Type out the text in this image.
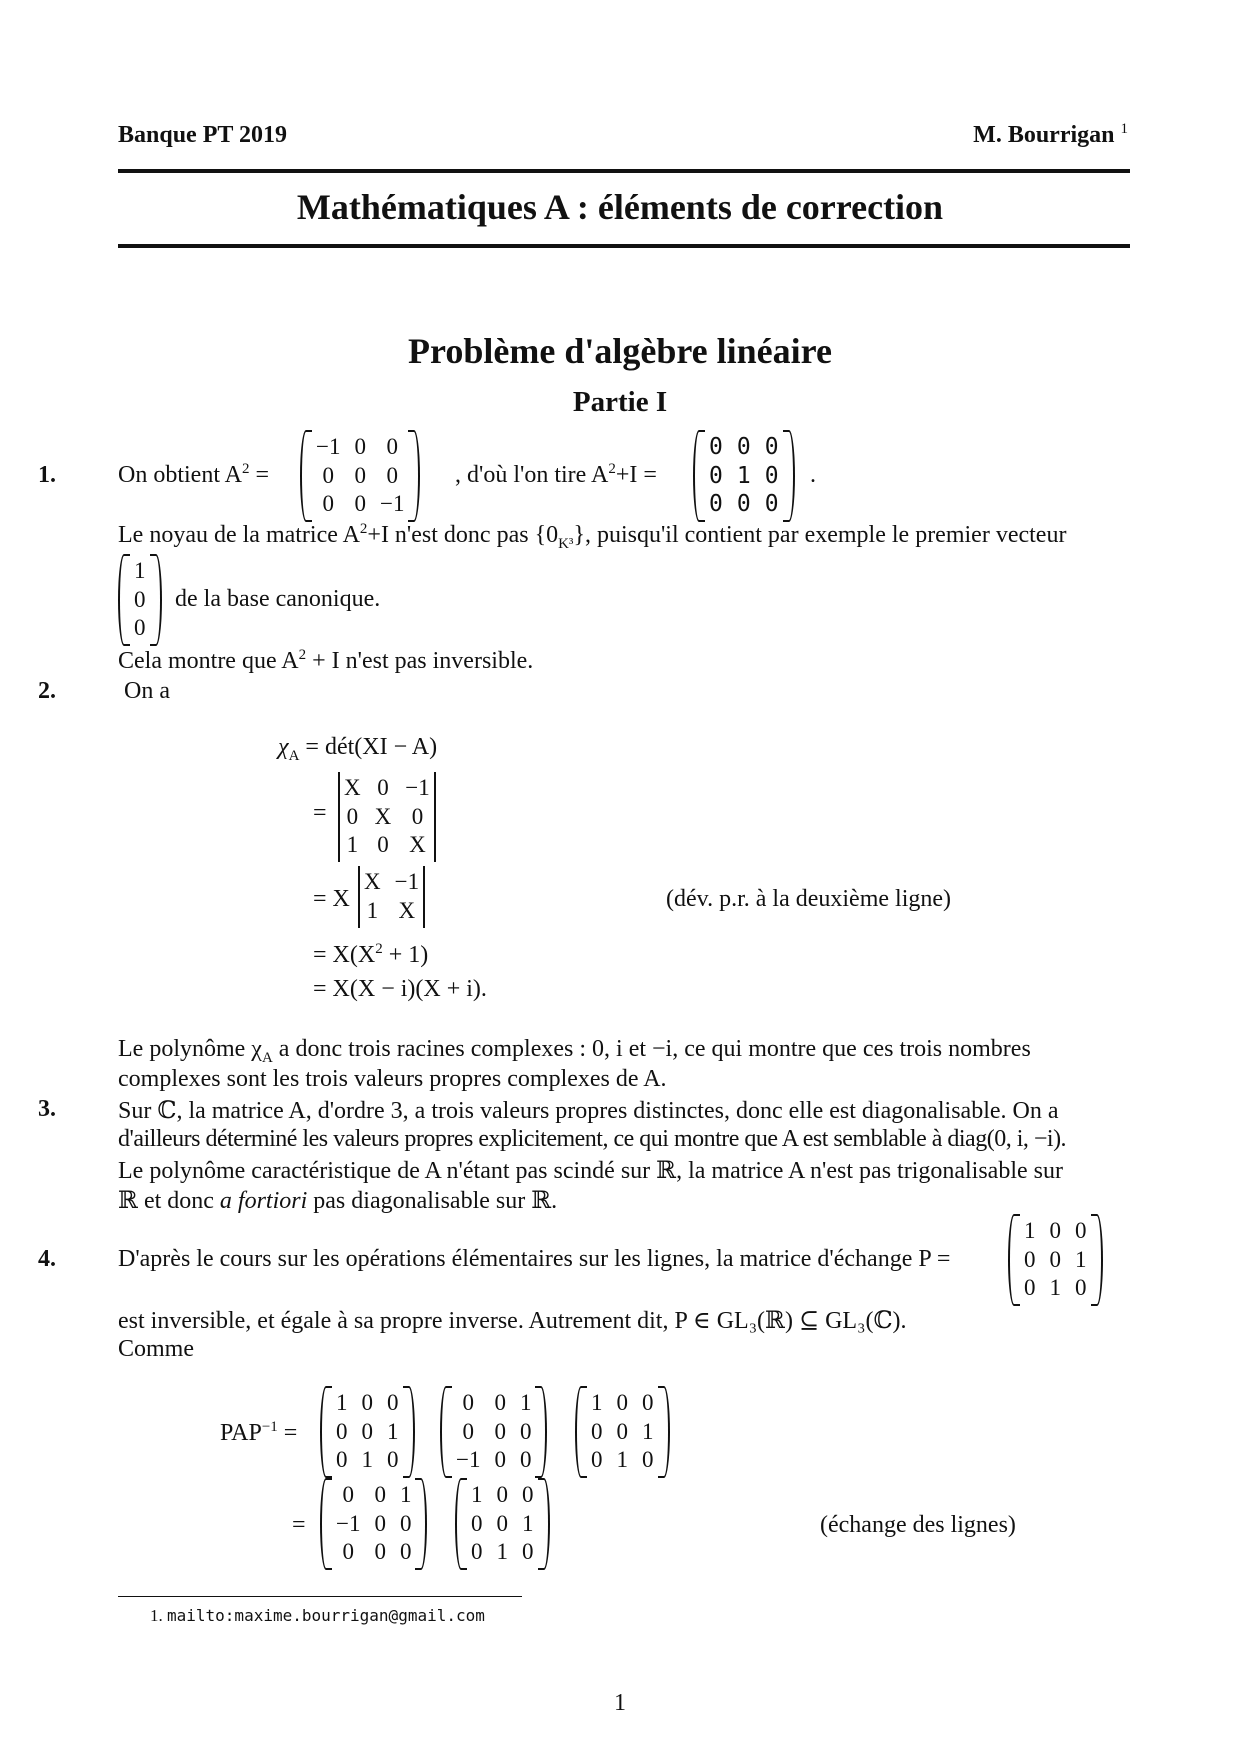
Banque PT 2019	M. Bourrigan $^1$
Mathématiques A : éléments de correction
Problème d'algèbre linéaire
Partie I
1.	On obtient $A^2$ =
−1 0 0
0 0 0
0 0 −1
, d'où l'on tire $A^2+I$ =
0 0 0
0 1 0
0 0 0
.
Le noyau de la matrice $A^2+I$ n'est donc pas $\{0_{K^3}\}$, puisqu'il contient par exemple le premier vecteur
1
0
0
de la base canonique.
Cela montre que $A^2 + I$ n'est pas inversible.
2.	On a
$\chi_A$ = dét(XI − A)
=
X 0 −1
0 X 0
1 0 X
= X
X −1
1 X	(dév. p.r. à la deuxième ligne)
= $X(X^2 + 1)$
= X(X − i)(X + i).
Le polynôme $\chi_A$ a donc trois racines complexes : 0, i et −i, ce qui montre que ces trois nombres
complexes sont les trois valeurs propres complexes de A.
3.	Sur ℂ, la matrice A, d'ordre 3, a trois valeurs propres distinctes, donc elle est diagonalisable. On a
d'ailleurs déterminé les valeurs propres explicitement, ce qui montre que A est semblable à diag(0, i, −i).
Le polynôme caractéristique de A n'étant pas scindé sur ℝ, la matrice A n'est pas trigonalisable sur
ℝ et donc a fortiori pas diagonalisable sur ℝ.
4.	D'après le cours sur les opérations élémentaires sur les lignes, la matrice d'échange P =
1 0 0
0 0 1
0 1 0
est inversible, et égale à sa propre inverse. Autrement dit, P ∈ GL₃(ℝ) ⊆ GL₃(ℂ).
Comme
$PAP^{-1}$ =
1 0 0
0 0 1
0 1 0
0 0 1
0 0 0
−1 0 0
1 0 0
0 0 1
0 1 0
=
0 0 1
−1 0 0
0 0 0
1 0 0
0 0 1
0 1 0
(échange des lignes)
1. mailto:maxime.bourrigan@gmail.com
1
